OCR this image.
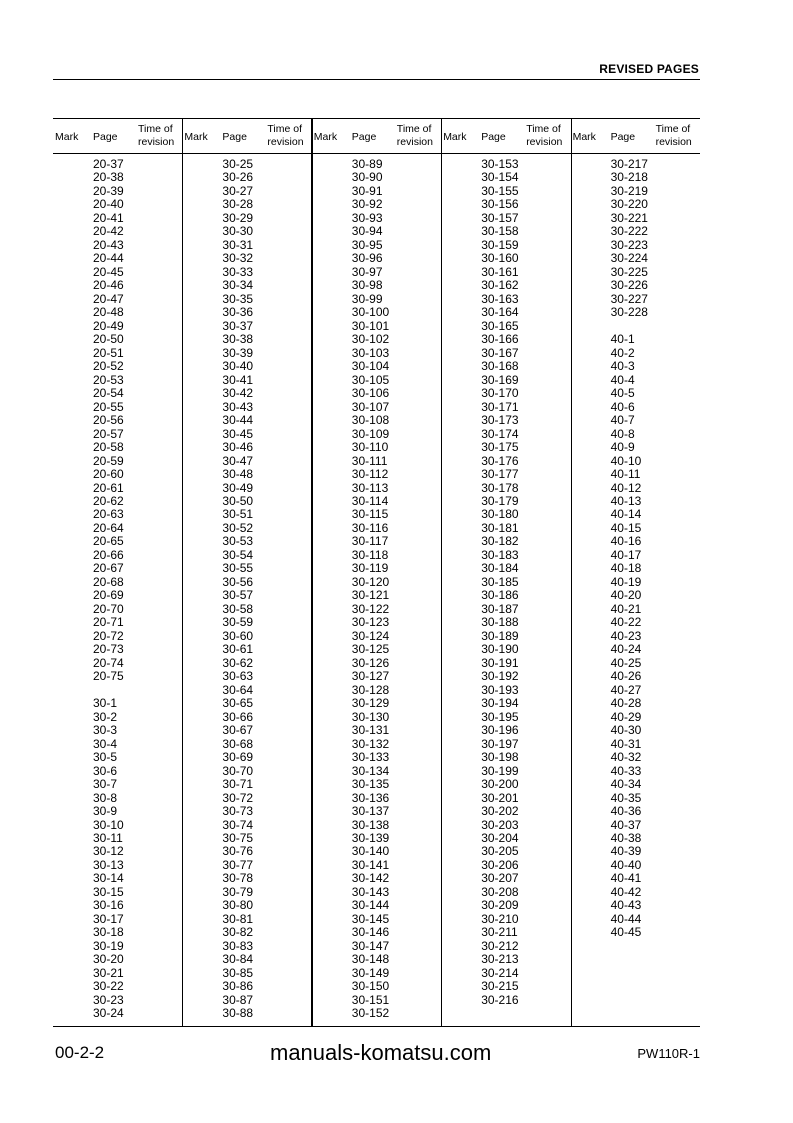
REVISED PAGES
Mark Page
Time of
revision
20-37
20-38
20-39
20-40
20-41
20-42
20-43
20-44
20-45
20-46
20-47
20-48
20-49
20-50
20-51
20-52
20-53
20-54
20-55
20-56
20-57
20-58
20-59
20-60
20-61
20-62
20-63
20-64
20-65
20-66
20-67
20-68
20-69
20-70
20-71
20-72
20-73
20-74
20-75
30-1
30-2
30-3
30-4
30-5
30-6
30-7
30-8
30-9
30-10
30-11
30-12
30-13
30-14
30-15
30-16
30-17
30-18
30-19
30-20
30-21
30-22
30-23
30-24
Mark Page
Time of
revision
30-25
30-26
30-27
30-28
30-29
30-30
30-31
30-32
30-33
30-34
30-35
30-36
30-37
30-38
30-39
30-40
30-41
30-42
30-43
30-44
30-45
30-46
30-47
30-48
30-49
30-50
30-51
30-52
30-53
30-54
30-55
30-56
30-57
30-58
30-59
30-60
30-61
30-62
30-63
30-64
30-65
30-66
30-67
30-68
30-69
30-70
30-71
30-72
30-73
30-74
30-75
30-76
30-77
30-78
30-79
30-80
30-81
30-82
30-83
30-84
30-85
30-86
30-87
30-88
Mark Page
Time of
revision
30-89
30-90
30-91
30-92
30-93
30-94
30-95
30-96
30-97
30-98
30-99
30-100
30-101
30-102
30-103
30-104
30-105
30-106
30-107
30-108
30-109
30-110
30-111
30-112
30-113
30-114
30-115
30-116
30-117
30-118
30-119
30-120
30-121
30-122
30-123
30-124
30-125
30-126
30-127
30-128
30-129
30-130
30-131
30-132
30-133
30-134
30-135
30-136
30-137
30-138
30-139
30-140
30-141
30-142
30-143
30-144
30-145
30-146
30-147
30-148
30-149
30-150
30-151
30-152
Mark Page
Time of
revision
30-153
30-154
30-155
30-156
30-157
30-158
30-159
30-160
30-161
30-162
30-163
30-164
30-165
30-166
30-167
30-168
30-169
30-170
30-171
30-173
30-174
30-175
30-176
30-177
30-178
30-179
30-180
30-181
30-182
30-183
30-184
30-185
30-186
30-187
30-188
30-189
30-190
30-191
30-192
30-193
30-194
30-195
30-196
30-197
30-198
30-199
30-200
30-201
30-202
30-203
30-204
30-205
30-206
30-207
30-208
30-209
30-210
30-211
30-212
30-213
30-214
30-215
30-216
Mark Page
Time of
revision
30-217
30-218
30-219
30-220
30-221
30-222
30-223
30-224
30-225
30-226
30-227
30-228
40-1
40-2
40-3
40-4
40-5
40-6
40-7
40-8
40-9
40-10
40-11
40-12
40-13
40-14
40-15
40-16
40-17
40-18
40-19
40-20
40-21
40-22
40-23
40-24
40-25
40-26
40-27
40-28
40-29
40-30
40-31
40-32
40-33
40-34
40-35
40-36
40-37
40-38
40-39
40-40
40-41
40-42
40-43
40-44
40-45
manuals-komatsu.com
00-2-2	PW110R-1
